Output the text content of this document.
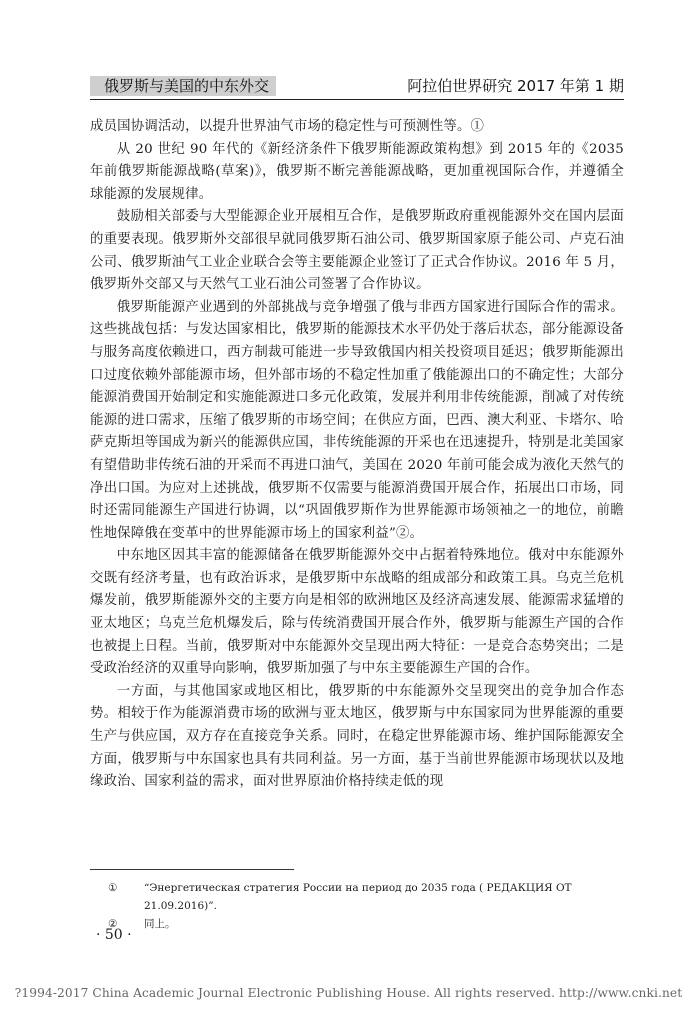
俄罗斯与美国的中东外交	阿拉伯世界研究 2017 年第 1 期

成员国协调活动，以提升世界油气市场的稳定性与可预测性等。①

从 20 世纪 90 年代的《新经济条件下俄罗斯能源政策构想》到 2015 年的《2035 年前俄罗斯能源战略(草案)》，俄罗斯不断完善能源战略，更加重视国际合作，并遵循全球能源的发展规律。

鼓励相关部委与大型能源企业开展相互合作，是俄罗斯政府重视能源外交在国内层面的重要表现。俄罗斯外交部很早就同俄罗斯石油公司、俄罗斯国家原子能公司、卢克石油公司、俄罗斯油气工业企业联合会等主要能源企业签订了正式合作协议。2016 年 5 月，俄罗斯外交部又与天然气工业石油公司签署了合作协议。

俄罗斯能源产业遇到的外部挑战与竞争增强了俄与非西方国家进行国际合作的需求。这些挑战包括：与发达国家相比，俄罗斯的能源技术水平仍处于落后状态，部分能源设备与服务高度依赖进口，西方制裁可能进一步导致俄国内相关投资项目延迟；俄罗斯能源出口过度依赖外部能源市场，但外部市场的不稳定性加重了俄能源出口的不确定性；大部分能源消费国开始制定和实施能源进口多元化政策，发展并利用非传统能源，削减了对传统能源的进口需求，压缩了俄罗斯的市场空间；在供应方面，巴西、澳大利亚、卡塔尔、哈萨克斯坦等国成为新兴的能源供应国，非传统能源的开采也在迅速提升，特别是北美国家有望借助非传统石油的开采而不再进口油气，美国在 2020 年前可能会成为液化天然气的净出口国。为应对上述挑战，俄罗斯不仅需要与能源消费国开展合作，拓展出口市场，同时还需同能源生产国进行协调，以“巩固俄罗斯作为世界能源市场领袖之一的地位，前瞻性地保障俄在变革中的世界能源市场上的国家利益”②。

中东地区因其丰富的能源储备在俄罗斯能源外交中占据着特殊地位。俄对中东能源外交既有经济考量，也有政治诉求，是俄罗斯中东战略的组成部分和政策工具。乌克兰危机爆发前，俄罗斯能源外交的主要方向是相邻的欧洲地区及经济高速发展、能源需求猛增的亚太地区；乌克兰危机爆发后，除与传统消费国开展合作外，俄罗斯与能源生产国的合作也被提上日程。当前，俄罗斯对中东能源外交呈现出两大特征：一是竞合态势突出；二是受政治经济的双重导向影响，俄罗斯加强了与中东主要能源生产国的合作。

一方面，与其他国家或地区相比，俄罗斯的中东能源外交呈现突出的竞争加合作态势。相较于作为能源消费市场的欧洲与亚太地区，俄罗斯与中东国家同为世界能源的重要生产与供应国，双方存在直接竞争关系。同时，在稳定世界能源市场、维护国际能源安全方面，俄罗斯与中东国家也具有共同利益。另一方面，基于当前世界能源市场现状以及地缘政治、国家利益的需求，面对世界原油价格持续走低的现

①	“Энергетическая стратегия России на период до 2035 года ( РЕДАКЦИЯ ОТ 21.09.2016)”.
②	同上。
· 50 ·
?1994-2017 China Academic Journal Electronic Publishing House. All rights reserved. http://www.cnki.net
